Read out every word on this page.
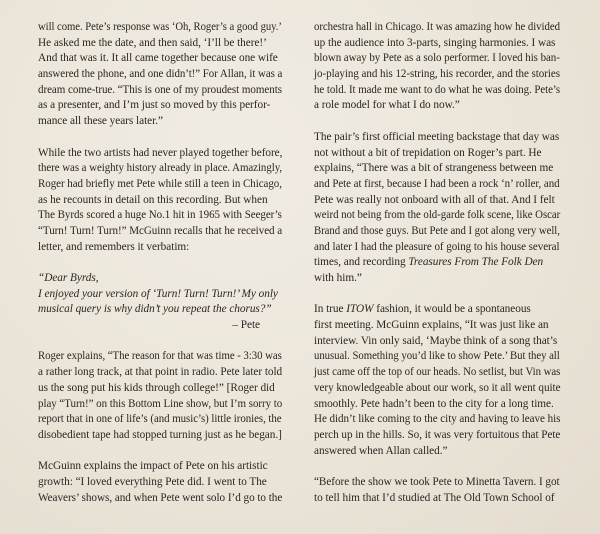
will come. Pete’s response was ‘Oh, Roger’s a good guy.’
He asked me the date, and then said, ‘I’ll be there!’
And that was it. It all came together because one wife
answered the phone, and one didn’t!” For Allan, it was a
dream come-true. “This is one of my proudest moments
as a presenter, and I’m just so moved by this perfor-
mance all these years later.”
While the two artists had never played together before,
there was a weighty history already in place. Amazingly,
Roger had briefly met Pete while still a teen in Chicago,
as he recounts in detail on this recording. But when
The Byrds scored a huge No.1 hit in 1965 with Seeger’s
“Turn! Turn! Turn!” McGuinn recalls that he received a
letter, and remembers it verbatim:
“Dear Byrds,
I enjoyed your version of ‘Turn! Turn! Turn!’ My only
musical query is why didn’t you repeat the chorus?”
– Pete
Roger explains, “The reason for that was time - 3:30 was
a rather long track, at that point in radio. Pete later told
us the song put his kids through college!” [Roger did
play “Turn!” on this Bottom Line show, but I’m sorry to
report that in one of life’s (and music’s) little ironies, the
disobedient tape had stopped turning just as he began.]
McGuinn explains the impact of Pete on his artistic
growth: “I loved everything Pete did. I went to The
Weavers’ shows, and when Pete went solo I’d go to the
orchestra hall in Chicago. It was amazing how he divided
up the audience into 3-parts, singing harmonies. I was
blown away by Pete as a solo performer. I loved his ban-
jo-playing and his 12-string, his recorder, and the stories
he told. It made me want to do what he was doing. Pete’s
a role model for what I do now.”
The pair’s first official meeting backstage that day was
not without a bit of trepidation on Roger’s part. He
explains, “There was a bit of strangeness between me
and Pete at first, because I had been a rock ‘n’ roller, and
Pete was really not onboard with all of that. And I felt
weird not being from the old-garde folk scene, like Oscar
Brand and those guys. But Pete and I got along very well,
and later I had the pleasure of going to his house several
times, and recording Treasures From The Folk Den
with him.”
In true ITOW fashion, it would be a spontaneous
first meeting. McGuinn explains, “It was just like an
interview. Vin only said, ‘Maybe think of a song that’s
unusual. Something you’d like to show Pete.’ But they all
just came off the top of our heads. No setlist, but Vin was
very knowledgeable about our work, so it all went quite
smoothly. Pete hadn’t been to the city for a long time.
He didn’t like coming to the city and having to leave his
perch up in the hills. So, it was very fortuitous that Pete
answered when Allan called.”
“Before the show we took Pete to Minetta Tavern. I got
to tell him that I’d studied at The Old Town School of
